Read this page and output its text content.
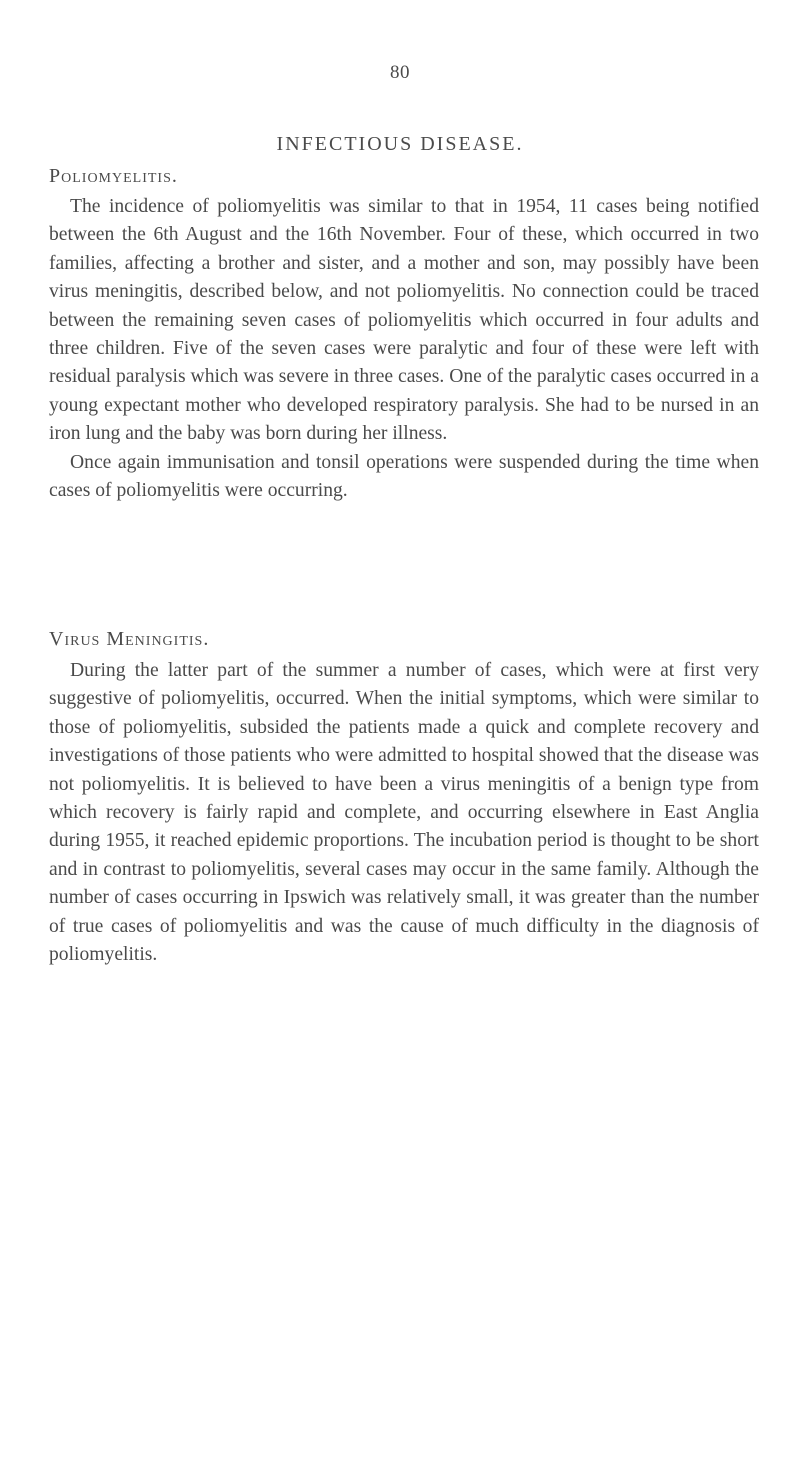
80
INFECTIOUS DISEASE.
Poliomyelitis.

The incidence of poliomyelitis was similar to that in 1954, 11 cases being notified between the 6th August and the 16th November. Four of these, which occurred in two families, affecting a brother and sister, and a mother and son, may possibly have been virus meningitis, described below, and not poliomyelitis. No connection could be traced between the remaining seven cases of poliomyelitis which occurred in four adults and three children. Five of the seven cases were paralytic and four of these were left with residual paralysis which was severe in three cases. One of the paralytic cases occurred in a young expectant mother who developed respiratory paralysis. She had to be nursed in an iron lung and the baby was born during her illness.

Once again immunisation and tonsil operations were suspended during the time when cases of poliomyelitis were occurring.

Virus Meningitis.

During the latter part of the summer a number of cases, which were at first very suggestive of poliomyelitis, occurred. When the initial symptoms, which were similar to those of poliomyelitis, subsided the patients made a quick and complete recovery and investigations of those patients who were admitted to hospital showed that the disease was not poliomyelitis. It is believed to have been a virus meningitis of a benign type from which recovery is fairly rapid and complete, and occurring elsewhere in East Anglia during 1955, it reached epidemic proportions. The incubation period is thought to be short and in contrast to poliomyelitis, several cases may occur in the same family. Although the number of cases occurring in Ipswich was relatively small, it was greater than the number of true cases of poliomyelitis and was the cause of much difficulty in the diagnosis of poliomyelitis.
